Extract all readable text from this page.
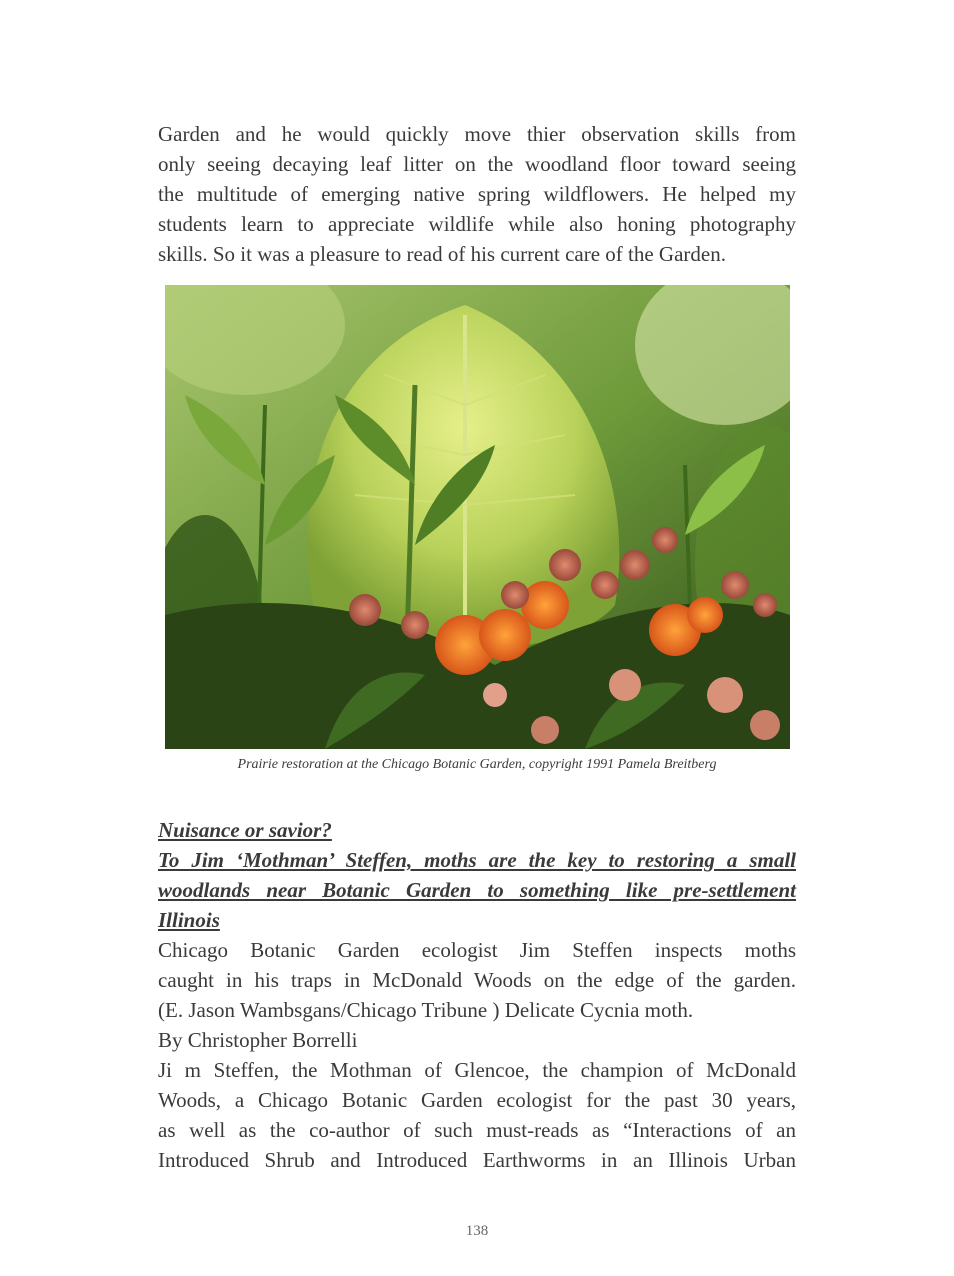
Garden and he would quickly move thier observation skills from
only seeing decaying leaf litter on the woodland floor toward seeing
the multitude of emerging native spring wildflowers. He helped my
students learn to appreciate wildlife while also honing photography
skills. So it was a pleasure to read of his current care of the Garden.
Prairie restoration at the Chicago Botanic Garden, copyright 1991 Pamela Breitberg
Nuisance or savior?
To Jim ‘Mothman’ Steffen, moths are the key to restoring a small
woodlands near Botanic Garden to something like pre-settlement
Illinois
Chicago Botanic Garden ecologist Jim Steffen inspects moths
caught in his traps in McDonald Woods on the edge of the garden.
(E. Jason Wambsgans/Chicago Tribune ) Delicate Cycnia moth.
By Christopher Borrelli
Ji m Steffen, the Mothman of Glencoe, the champion of McDonald
Woods, a Chicago Botanic Garden ecologist for the past 30 years,
as well as the co-author of such must-reads as “Interactions of an
Introduced Shrub and Introduced Earthworms in an Illinois Urban
138
